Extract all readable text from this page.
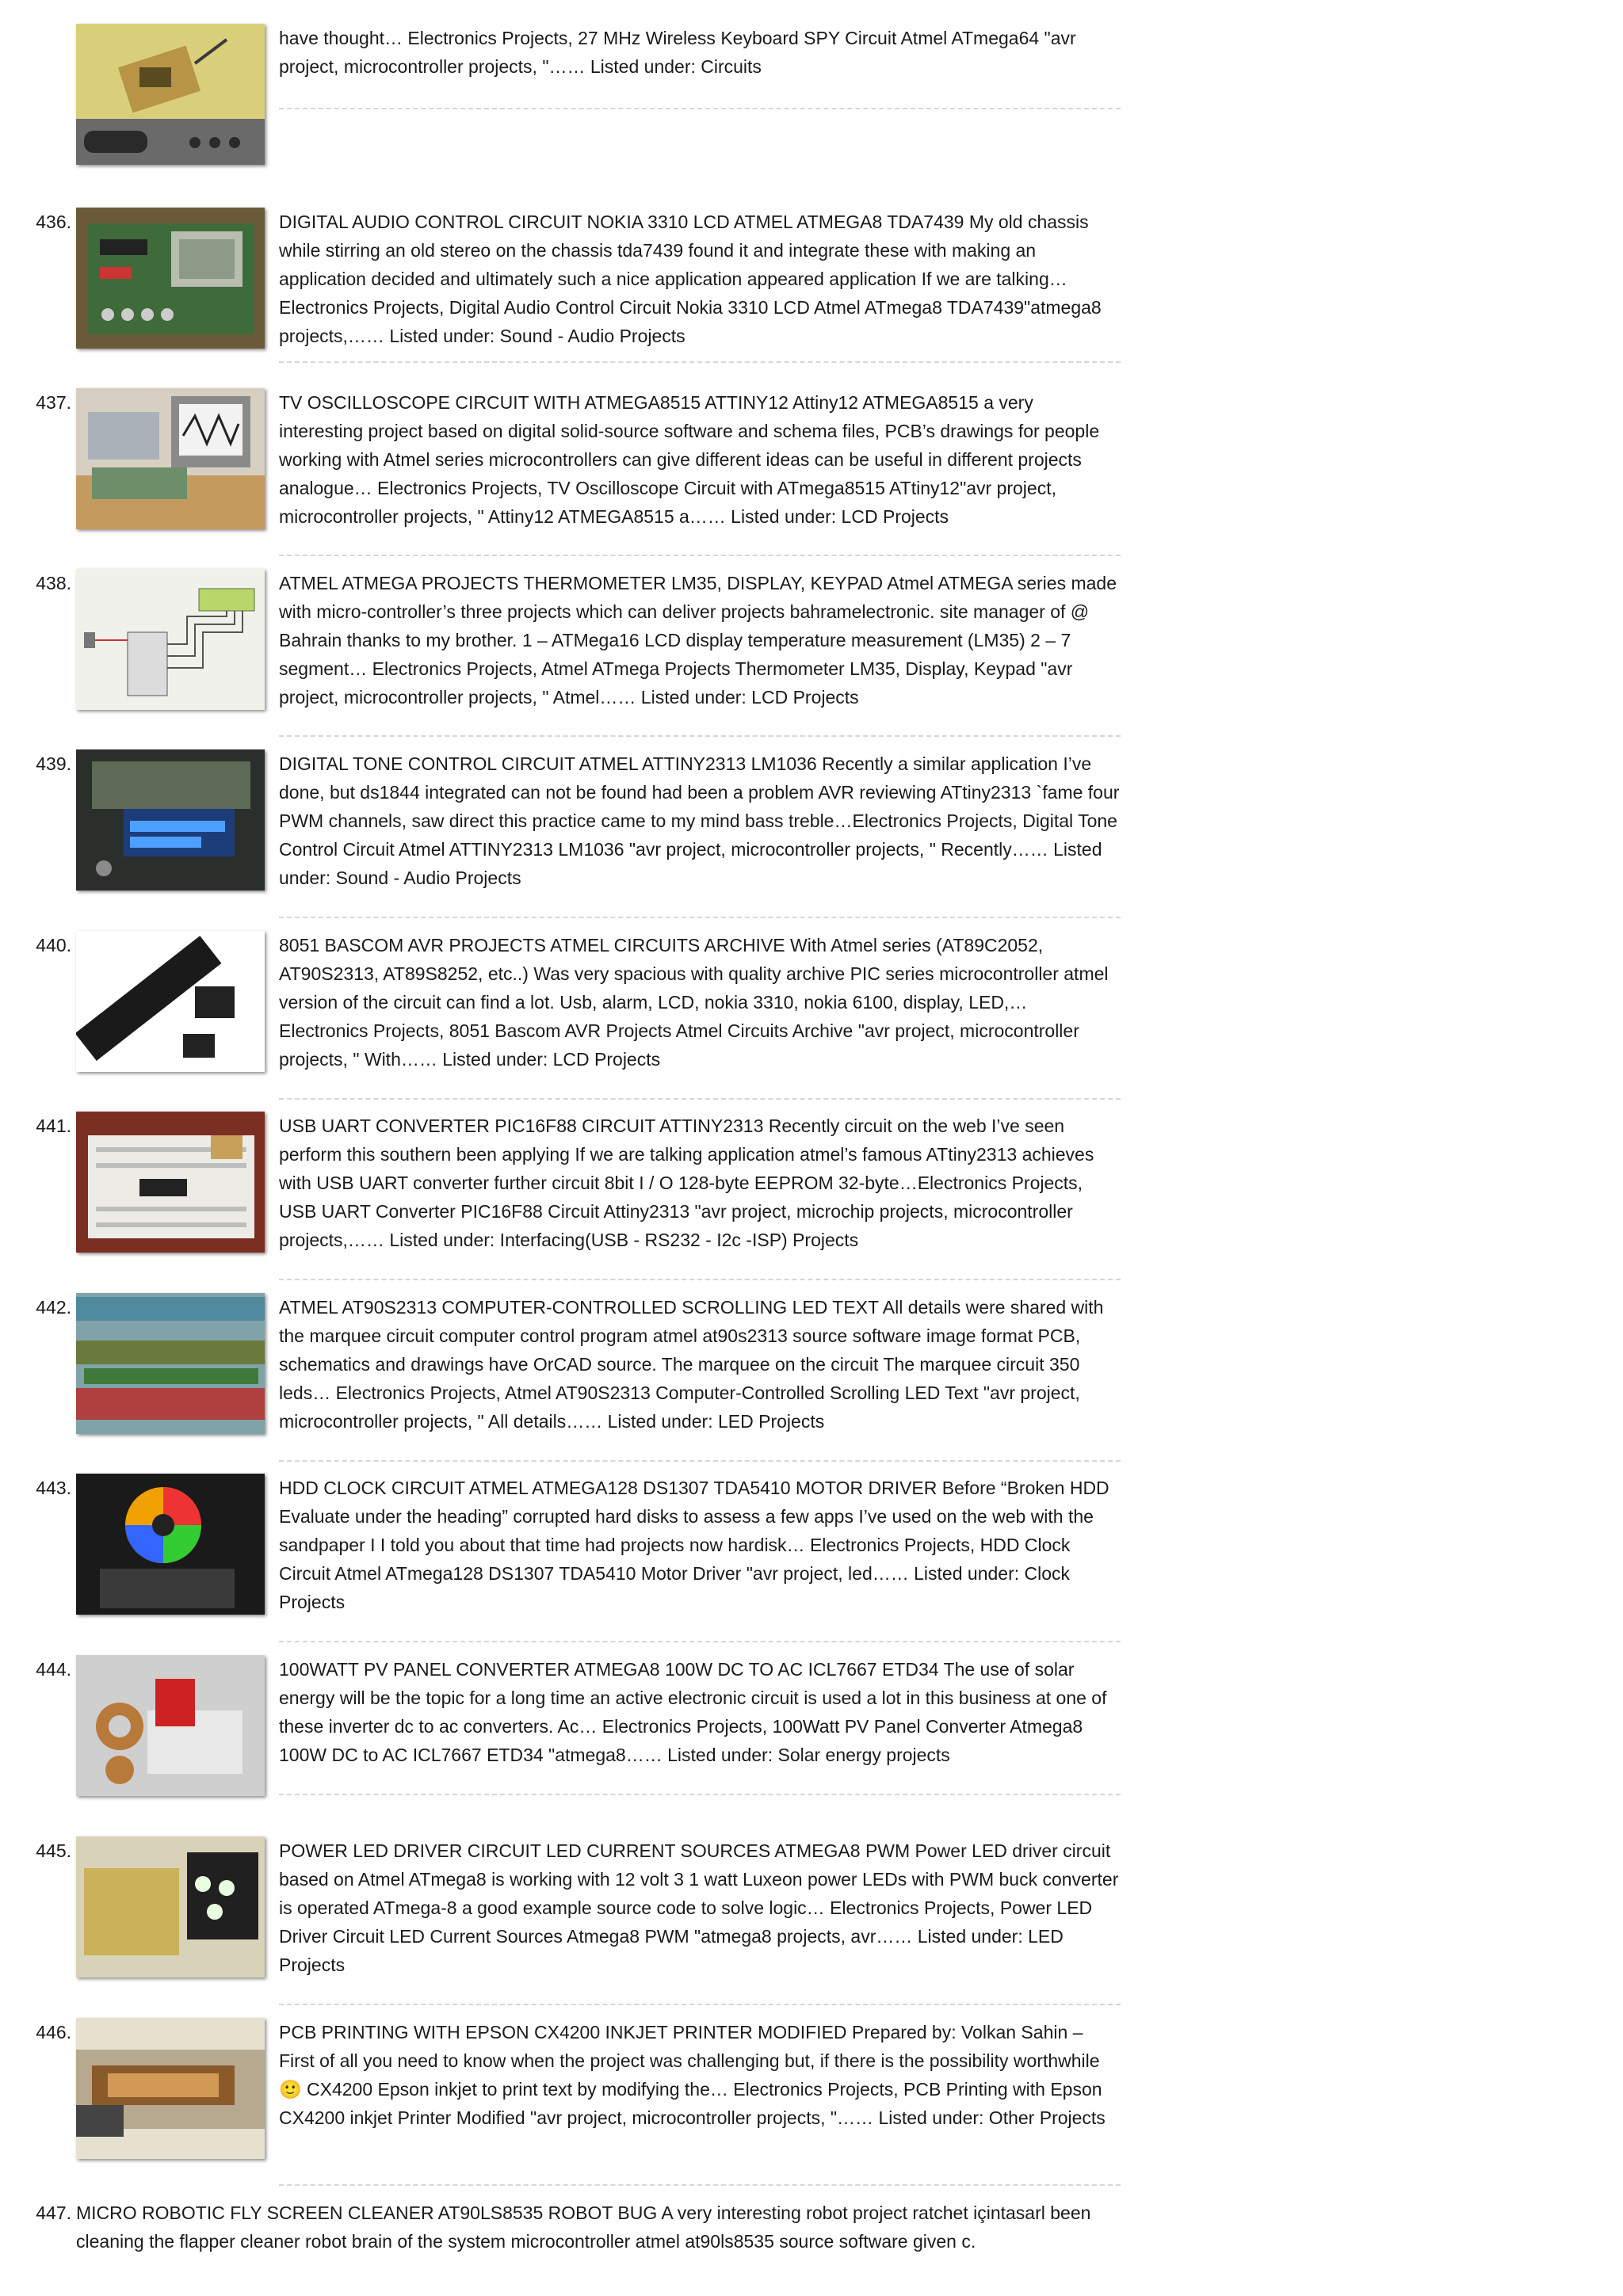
have thought… Electronics Projects, 27 MHz Wireless Keyboard SPY Circuit Atmel ATmega64 "avr project, microcontroller projects, "…… Listed under: Circuits

436.	DIGITAL AUDIO CONTROL CIRCUIT NOKIA 3310 LCD ATMEL ATMEGA8 TDA7439 My old chassis while stirring an old stereo on the chassis tda7439 found it and integrate these with making an application decided and ultimately such a nice application appeared application If we are talking…Electronics Projects, Digital Audio Control Circuit Nokia 3310 LCD Atmel ATmega8 TDA7439"atmega8 projects,…… Listed under: Sound - Audio Projects

437.	TV OSCILLOSCOPE CIRCUIT WITH ATMEGA8515 ATTINY12 Attiny12 ATMEGA8515 a very interesting project based on digital solid-source software and schema files, PCB’s drawings for people working with Atmel series microcontrollers can give different ideas can be useful in different projects analogue… Electronics Projects, TV Oscilloscope Circuit with ATmega8515 ATtiny12"avr project, microcontroller projects, " Attiny12 ATMEGA8515 a…… Listed under: LCD Projects

438.	ATMEL ATMEGA PROJECTS THERMOMETER LM35, DISPLAY, KEYPAD Atmel ATMEGA series made with micro-controller’s three projects which can deliver projects bahramelectronic. site manager of @ Bahrain thanks to my brother. 1 – ATMega16 LCD display temperature measurement (LM35) 2 – 7 segment… Electronics Projects, Atmel ATmega Projects Thermometer LM35, Display, Keypad "avr project, microcontroller projects, " Atmel…… Listed under: LCD Projects

439.	DIGITAL TONE CONTROL CIRCUIT ATMEL ATTINY2313 LM1036 Recently a similar application I’ve done, but ds1844 integrated can not be found had been a problem AVR reviewing ATtiny2313 `fame four PWM channels, saw direct this practice came to my mind bass treble…Electronics Projects, Digital Tone Control Circuit Atmel ATTINY2313 LM1036 "avr project, microcontroller projects, " Recently…… Listed under: Sound - Audio Projects

440.	8051 BASCOM AVR PROJECTS ATMEL CIRCUITS ARCHIVE With Atmel series (AT89C2052, AT90S2313, AT89S8252, etc..) Was very spacious with quality archive PIC series microcontroller atmel version of the circuit can find a lot. Usb, alarm, LCD, nokia 3310, nokia 6100, display, LED,… Electronics Projects, 8051 Bascom AVR Projects Atmel Circuits Archive "avr project, microcontroller projects, " With…… Listed under: LCD Projects

441.	USB UART CONVERTER PIC16F88 CIRCUIT ATTINY2313 Recently circuit on the web I’ve seen perform this southern been applying If we are talking application atmel’s famous ATtiny2313 achieves with USB UART converter further circuit 8bit I / O 128-byte EEPROM 32-byte…Electronics Projects, USB UART Converter PIC16F88 Circuit Attiny2313 "avr project, microchip projects, microcontroller projects,…… Listed under: Interfacing(USB - RS232 - I2c -ISP) Projects

442.	ATMEL AT90S2313 COMPUTER-CONTROLLED SCROLLING LED TEXT All details were shared with the marquee circuit computer control program atmel at90s2313 source software image format PCB, schematics and drawings have OrCAD source. The marquee on the circuit The marquee circuit 350 leds… Electronics Projects, Atmel AT90S2313 Computer-Controlled Scrolling LED Text "avr project, microcontroller projects, " All details…… Listed under: LED Projects

443.	HDD CLOCK CIRCUIT ATMEL ATMEGA128 DS1307 TDA5410 MOTOR DRIVER Before “Broken HDD Evaluate under the heading” corrupted hard disks to assess a few apps I’ve used on the web with the sandpaper I I told you about that time had projects now hardisk… Electronics Projects, HDD Clock Circuit Atmel ATmega128 DS1307 TDA5410 Motor Driver "avr project, led…… Listed under: Clock Projects

444.	100WATT PV PANEL CONVERTER ATMEGA8 100W DC TO AC ICL7667 ETD34 The use of solar energy will be the topic for a long time an active electronic circuit is used a lot in this business at one of these inverter dc to ac converters. Ac… Electronics Projects, 100Watt PV Panel Converter Atmega8 100W DC to AC ICL7667 ETD34 "atmega8…… Listed under: Solar energy projects

445.	POWER LED DRIVER CIRCUIT LED CURRENT SOURCES ATMEGA8 PWM Power LED driver circuit based on Atmel ATmega8 is working with 12 volt 3 1 watt Luxeon power LEDs with PWM buck converter is operated ATmega-8 a good example source code to solve logic… Electronics Projects, Power LED Driver Circuit LED Current Sources Atmega8 PWM "atmega8 projects, avr…… Listed under: LED Projects

446.	PCB PRINTING WITH EPSON CX4200 INKJET PRINTER MODIFIED Prepared by: Volkan Sahin – First of all you need to know when the project was challenging but, if there is the possibility worthwhile 🙂 CX4200 Epson inkjet to print text by modifying the… Electronics Projects, PCB Printing with Epson CX4200 inkjet Printer Modified "avr project, microcontroller projects, "…… Listed under: Other Projects

447. MICRO ROBOTIC FLY SCREEN CLEANER AT90LS8535 ROBOT BUG A very interesting robot project ratchet içintasarl been cleaning the flapper cleaner robot brain of the system microcontroller atmel at90ls8535 source software given c.
